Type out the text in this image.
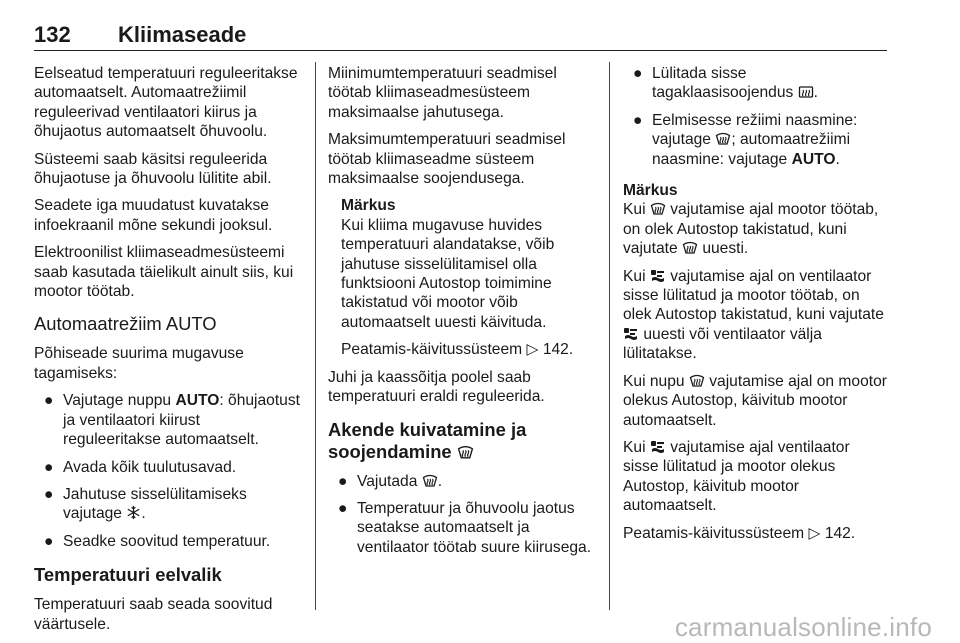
132 Kliimaseade

Eelseatud temperatuuri reguleeritakse automaatselt. Automaatrežiimil reguleerivad ventilaatori kiirus ja õhujaotus automaatselt õhuvoolu.

Süsteemi saab käsitsi reguleerida õhujaotuse ja õhuvoolu lülitite abil.

Seadete iga muudatust kuvatakse infoekraanil mõne sekundi jooksul.

Elektroonilist kliimaseadmesüsteemi saab kasutada täielikult ainult siis, kui mootor töötab.

Automaatrežiim AUTO

Põhiseade suurima mugavuse tagamiseks:

● Vajutage nuppu AUTO: õhujaotust ja ventilaatori kiirust reguleeritakse automaatselt.
● Avada kõik tuulutusavad.
● Jahutuse sisselülitamiseks vajutage .
● Seadke soovitud temperatuur.
Temperatuuri eelvalik

Temperatuuri saab seada soovitud väärtusele.

Miinimumtemperatuuri seadmisel töötab kliimaseadmesüsteem maksimaalse jahutusega.

Maksimumtemperatuuri seadmisel töötab kliimaseadme süsteem maksimaalse soojendusega.

Märkus

Kui kliima mugavuse huvides temperatuuri alandatakse, võib jahutuse sisselülitamisel olla funktsiooni Autostop toimimine takistatud või mootor võib automaatselt uuesti käivituda.

Peatamis-käivitussüsteem ▷ 142.

Juhi ja kaassõitja poolel saab temperatuuri eraldi reguleerida.

Akende kuivatamine ja soojendamine
● Vajutada .
● Temperatuur ja õhuvoolu jaotus seatakse automaatselt ja ventilaator töötab suure kiirusega.
● Lülitada sisse
tagaklaasisoojendus .
● Eelmisesse režiimi naasmine:
vajutage ; automaatrežiimi
naasmine: vajutage AUTO.
Märkus

Kui vajutamise ajal mootor töötab, on olek Autostop takistatud, kuni vajutate uuesti.

Kui vajutamise ajal on ventilaator sisse lülitatud ja mootor töötab, on olek Autostop takistatud, kuni vajutate  uuesti või ventilaator välja lülitatakse.

Kui nupu vajutamise ajal on mootor olekus Autostop, käivitub mootor automaatselt.

Kui vajutamise ajal ventilaator sisse lülitatud ja mootor olekus Autostop, käivitub mootor automaatselt.

Peatamis-käivitussüsteem ▷ 142.

carmanualsonline.info
